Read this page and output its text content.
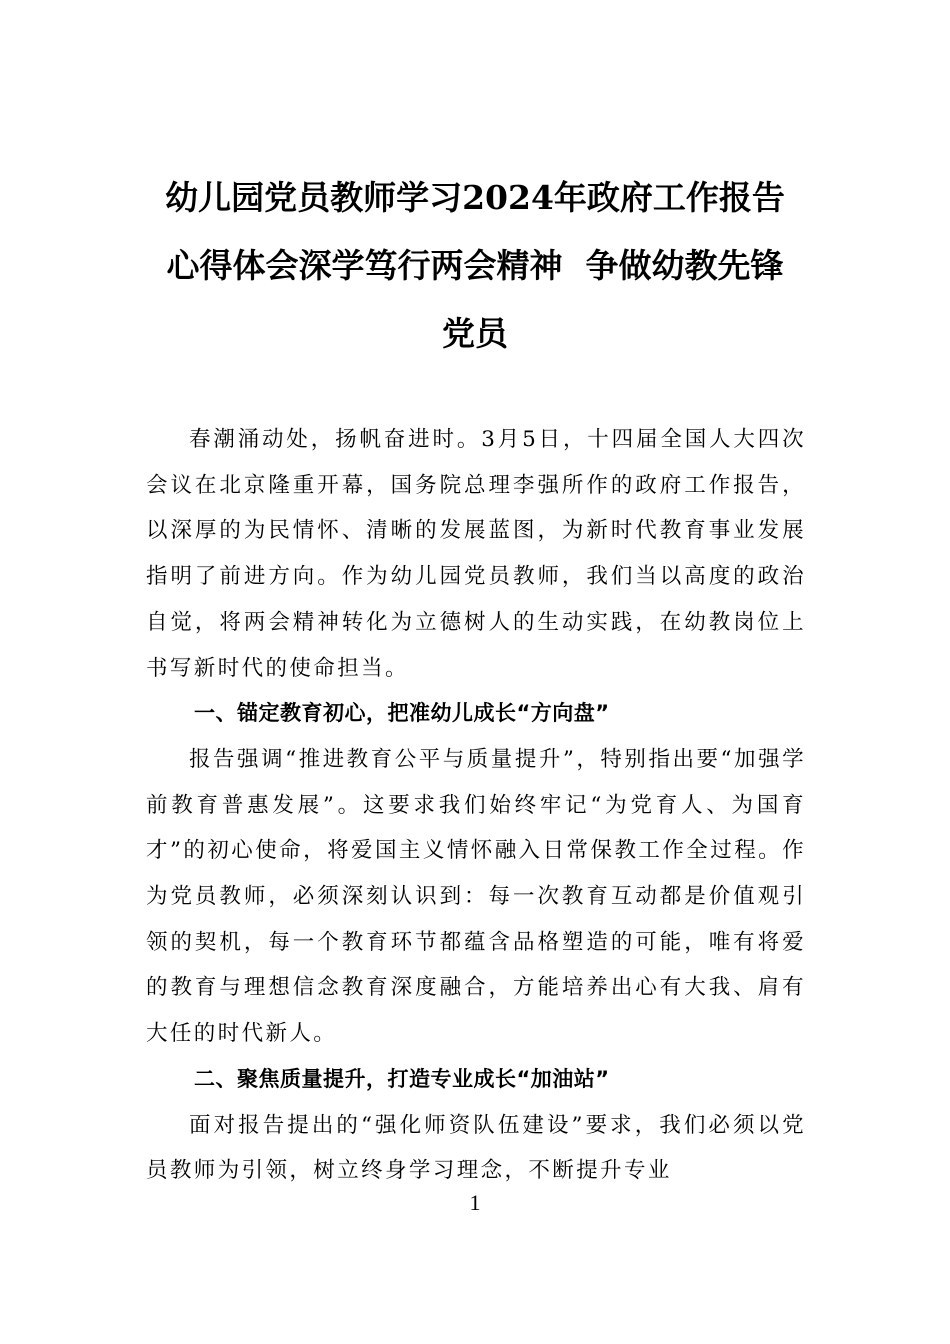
幼儿园党员教师学习2024年政府工作报告
心得体会深学笃行两会精神  争做幼教先锋
党员

春潮涌动处，扬帆奋进时。3月5日，十四届全国人大四次会议在北京隆重开幕，国务院总理李强所作的政府工作报告，以深厚的为民情怀、清晰的发展蓝图，为新时代教育事业发展指明了前进方向。作为幼儿园党员教师，我们当以高度的政治自觉，将两会精神转化为立德树人的生动实践，在幼教岗位上书写新时代的使命担当。

一、锚定教育初心，把准幼儿成长“方向盘”

报告强调“推进教育公平与质量提升”，特别指出要“加强学前教育普惠发展”。这要求我们始终牢记“为党育人、为国育才”的初心使命，将爱国主义情怀融入日常保教工作全过程。作为党员教师，必须深刻认识到：每一次教育互动都是价值观引领的契机，每一个教育环节都蕴含品格塑造的可能，唯有将爱的教育与理想信念教育深度融合，方能培养出心有大我、肩有大任的时代新人。

二、聚焦质量提升，打造专业成长“加油站”

面对报告提出的“强化师资队伍建设”要求，我们必须以党员教师为引领，树立终身学习理念，不断提升专业

1
